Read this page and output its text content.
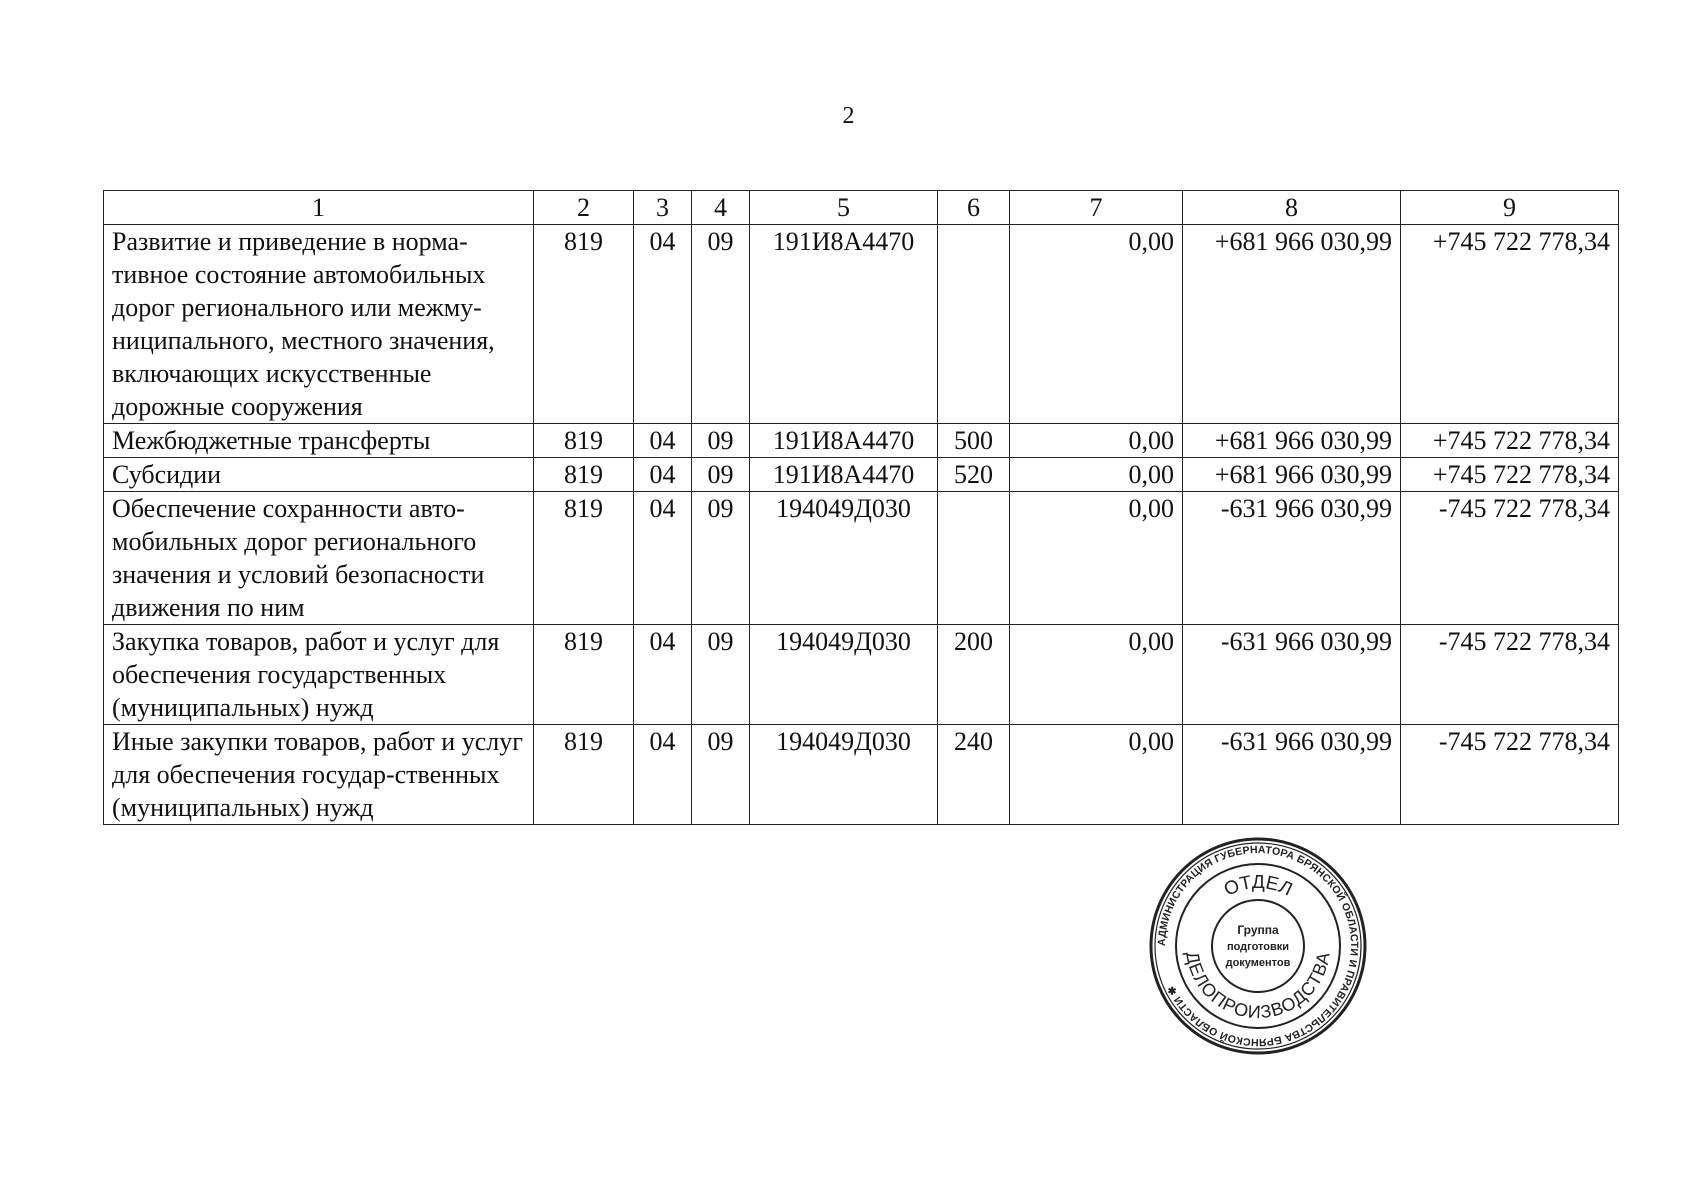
2
1	2	3	4	5	6	7	8	9
Развитие и приведение в норма-тивное состояние автомобильных дорог регионального или межму-ниципального, местного значения, включающих искусственные дорожные сооружения	819	04	09	191И8А4470		0,00	+681 966 030,99	+745 722 778,34
Межбюджетные трансферты	819	04	09	191И8А4470	500	0,00	+681 966 030,99	+745 722 778,34
Субсидии	819	04	09	191И8А4470	520	0,00	+681 966 030,99	+745 722 778,34
Обеспечение сохранности авто-мобильных дорог регионального значения и условий безопасности движения по ним	819	04	09	194049Д030		0,00	-631 966 030,99	-745 722 778,34
Закупка товаров, работ и услуг для обеспечения государственных (муниципальных) нужд	819	04	09	194049Д030	200	0,00	-631 966 030,99	-745 722 778,34
Иные закупки товаров, работ и услуг для обеспечения государ-ственных (муниципальных) нужд	819	04	09	194049Д030	240	0,00	-631 966 030,99	-745 722 778,34
АДМИНИСТРАЦИЯ ГУБЕРНАТОРА БРЯНСКОЙ ОБЛАСТИ И ПРАВИТЕЛЬСТВА БРЯНСКОЙ ОБЛАСТИ ✱
ОТДЕЛ
ДЕЛОПРОИЗВОДСТВА
Группа
подготовки
документов
